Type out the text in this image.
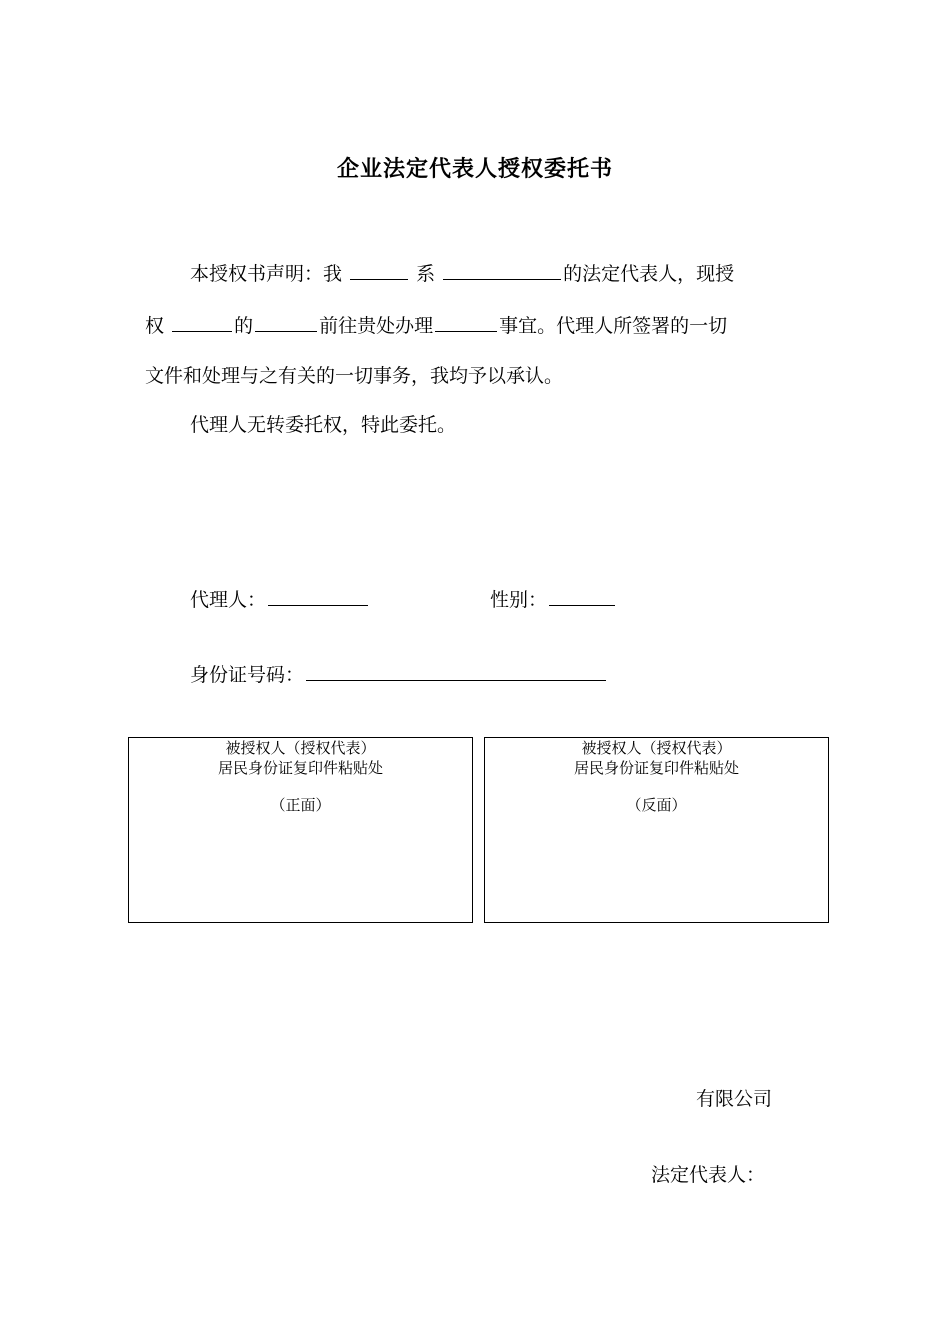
企业法定代表人授权委托书
本授权书声明：我	系	的法定代表人，现授
权	的	前往贵处办理	事宜。代理人所签署的一切
文件和处理与之有关的一切事务，我均予以承认。
代理人无转委托权，特此委托。
代理人：	性别：
身份证号码：
被授权人（授权代表）
居民身份证复印件粘贴处
（正面）
被授权人（授权代表）
居民身份证复印件粘贴处
（反面）
有限公司
法定代表人：
